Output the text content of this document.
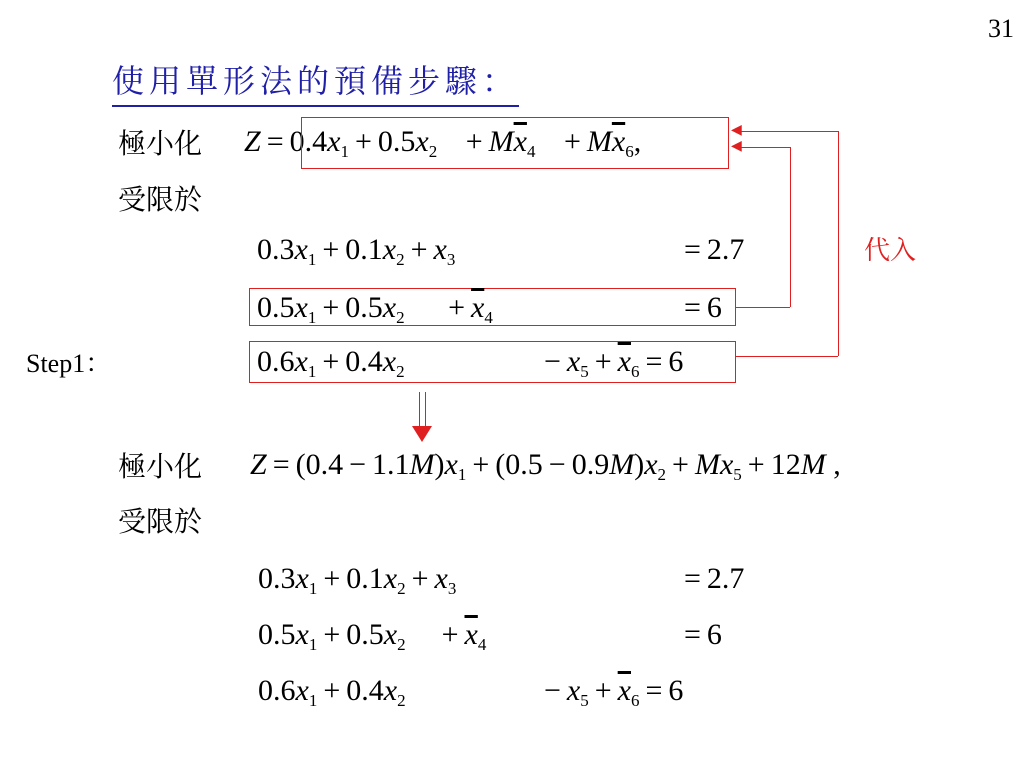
31
使用單形法的預備步驟：
極小化 $Z = 0.4x_1 + 0.5x_2 + M\overline{x}_4 + M\overline{x}_6$,
受限於
$0.3x_1 + 0.1x_2 + x_3$	= 2.7
$0.5x_1 + 0.5x_2 + \overline{x}_4$	= 6
Step1：	$0.6x_1 + 0.4x_2$	− $x_5 + \overline{x}_6 = 6$
◀
◀
代入
極小化 $Z = (0.4 - 1.1M)x_1 + (0.5 - 0.9M)x_2 + Mx_5 + 12M$ ,
受限於
$0.3x_1 + 0.1x_2 + x_3$	= 2.7
$0.5x_1 + 0.5x_2 + \overline{x}_4$	= 6
$0.6x_1 + 0.4x_2$	− $x_5 + \overline{x}_6 = 6$
